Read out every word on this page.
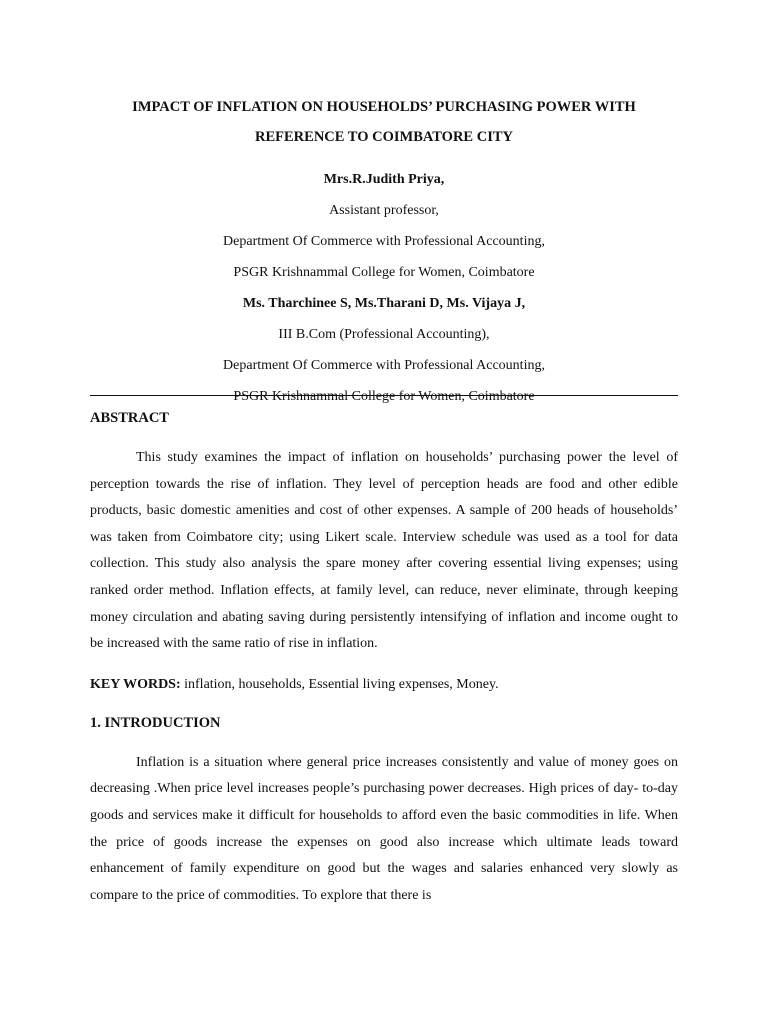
IMPACT OF INFLATION ON HOUSEHOLDS’ PURCHASING POWER WITH

REFERENCE TO COIMBATORE CITY

Mrs.R.Judith Priya,

Assistant professor,

Department Of Commerce with Professional Accounting,

PSGR Krishnammal College for Women, Coimbatore

Ms. Tharchinee S, Ms.Tharani D, Ms. Vijaya J,

III B.Com (Professional Accounting),

Department Of Commerce with Professional Accounting,

PSGR Krishnammal College for Women, Coimbatore

ABSTRACT

This study examines the impact of inflation on households’ purchasing power the level of perception towards the rise of inflation. They level of perception heads are food and other edible products, basic domestic amenities and cost of other expenses. A sample of 200 heads of households’ was taken from Coimbatore city; using Likert scale. Interview schedule was used as a tool for data collection. This study also analysis the spare money after covering essential living expenses; using ranked order method. Inflation effects, at family level, can reduce, never eliminate, through keeping money circulation and abating saving during persistently intensifying of inflation and income ought to be increased with the same ratio of rise in inflation.

KEY WORDS: inflation, households, Essential living expenses, Money.

1. INTRODUCTION

Inflation is a situation where general price increases consistently and value of money goes on decreasing .When price level increases people’s purchasing power decreases. High prices of day- to-day goods and services make it difficult for households to afford even the basic commodities in life. When the price of goods increase the expenses on good also increase which ultimate leads toward enhancement of family expenditure on good but the wages and salaries enhanced very slowly as compare to the price of commodities. To explore that there is
